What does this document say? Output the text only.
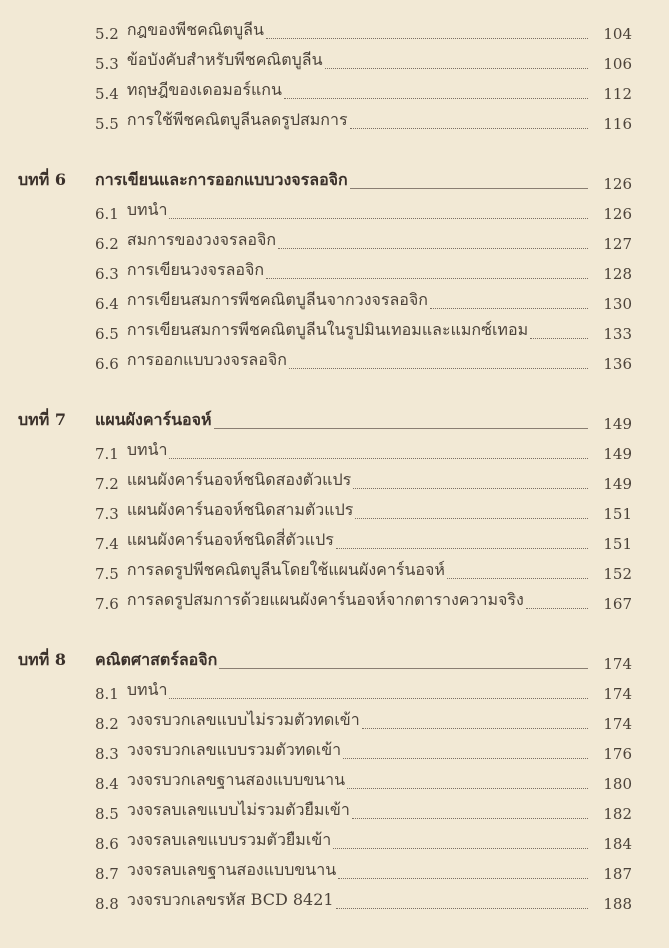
5.2 กฎของพีชคณิตบูลีน	104
5.3 ข้อบังคับสำหรับพีชคณิตบูลีน	106
5.4 ทฤษฎีของเดอมอร์แกน	112
5.5 การใช้พีชคณิตบูลีนลดรูปสมการ	116
บทที่ 6	การเขียนและการออกแบบวงจรลอจิก	126
6.1 บทนำ	126
6.2 สมการของวงจรลอจิก	127
6.3 การเขียนวงจรลอจิก	128
6.4 การเขียนสมการพีชคณิตบูลีนจากวงจรลอจิก	130
6.5 การเขียนสมการพีชคณิตบูลีนในรูปมินเทอมและแมกซ์เทอม	133
6.6 การออกแบบวงจรลอจิก	136
บทที่ 7	แผนผังคาร์นอจห์	149
7.1 บทนำ	149
7.2 แผนผังคาร์นอจห์ชนิดสองตัวแปร	149
7.3 แผนผังคาร์นอจห์ชนิดสามตัวแปร	151
7.4 แผนผังคาร์นอจห์ชนิดสี่ตัวแปร	151
7.5 การลดรูปพีชคณิตบูลีนโดยใช้แผนผังคาร์นอจห์	152
7.6 การลดรูปสมการด้วยแผนผังคาร์นอจห์จากตารางความจริง	167
บทที่ 8	คณิตศาสตร์ลอจิก	174
8.1 บทนำ	174
8.2 วงจรบวกเลขแบบไม่รวมตัวทดเข้า	174
8.3 วงจรบวกเลขแบบรวมตัวทดเข้า	176
8.4 วงจรบวกเลขฐานสองแบบขนาน	180
8.5 วงจรลบเลขแบบไม่รวมตัวยืมเข้า	182
8.6 วงจรลบเลขแบบรวมตัวยืมเข้า	184
8.7 วงจรลบเลขฐานสองแบบขนาน	187
8.8 วงจรบวกเลขรหัส BCD 8421	188
